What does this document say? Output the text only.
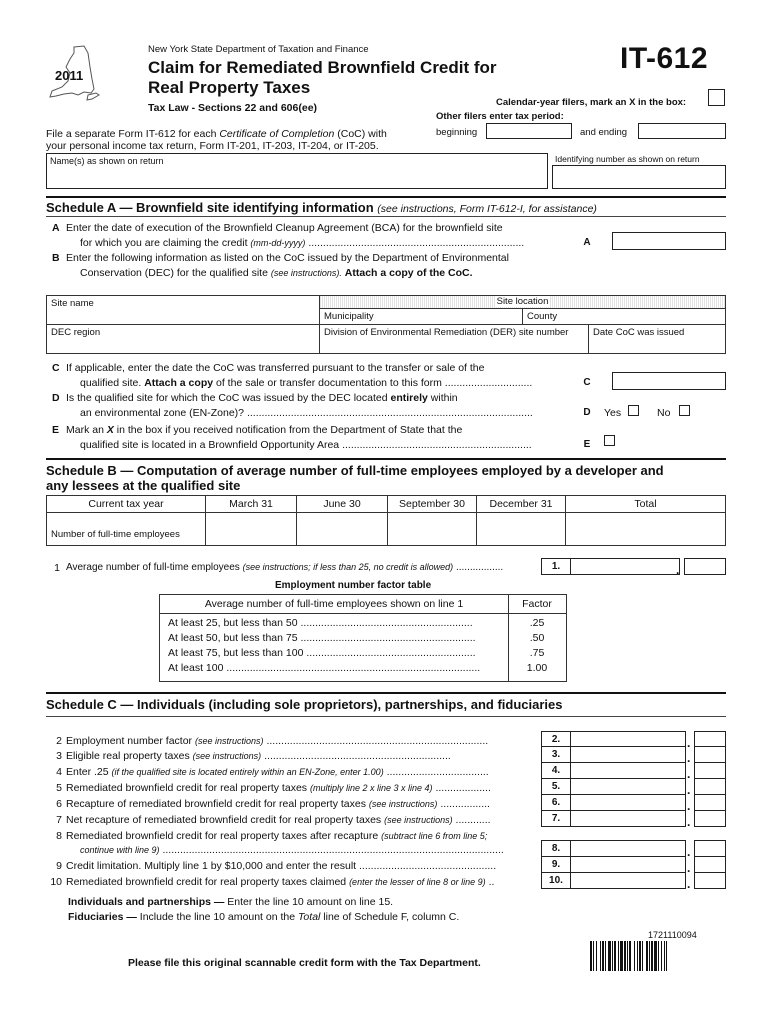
2011
New York State Department of Taxation and Finance
Claim for Remediated Brownfield Credit for
Real Property Taxes
Tax Law - Sections 22 and 606(ee)
IT-612
Calendar-year filers, mark an X in the box:
Other filers enter tax period:
beginning	and ending
File a separate Form IT-612 for each Certificate of Completion (CoC) with
your personal income tax return, Form IT-201, IT-203, IT-204, or IT-205.
Name(s) as shown on return	Identifying number as shown on return
Schedule A — Brownfield site identifying information (see instructions, Form IT-612-I, for assistance)
A Enter the date of execution of the Brownfield Cleanup Agreement (BCA) for the brownfield site
for which you are claiming the credit (mm-dd-yyyy) ..........................................................................	A
B Enter the following information as listed on the CoC issued by the Department of Environmental
Conservation (DEC) for the qualified site (see instructions). Attach a copy of the CoC.
Site name	Site location
Municipality	County
DEC region	Division of Environmental Remediation (DER) site number	Date CoC was issued
C If applicable, enter the date the CoC was transferred pursuant to the transfer or sale of the
qualified site. Attach a copy of the sale or transfer documentation to this form ..............................	C
D Is the qualified site for which the CoC was issued by the DEC located entirely within
an environmental zone (EN-Zone)? ..................................................................................................	D	Yes	No
E Mark an X in the box if you received notification from the Department of State that the
qualified site is located in a Brownfield Opportunity Area .................................................................	E
Schedule B — Computation of average number of full-time employees employed by a developer and
any lessees at the qualified site
Current tax year	March 31	June 30	September 30	December 31	Total
Number of full-time employees
1 Average number of full-time employees (see instructions; if less than 25, no credit is allowed) .................	1.	.
Employment number factor table
Average number of full-time employees shown on line 1	Factor
At least 25, but less than 50 ...........................................................	.25
At least 50, but less than 75 ............................................................	.50
At least 75, but less than 100 ..........................................................	.75
At least 100 .......................................................................................	1.00
Schedule C — Individuals (including sole proprietors), partnerships, and fiduciaries
2 Employment number factor (see instructions) ............................................................................	2.	.
3 Eligible real property taxes (see instructions) ................................................................	3.	.
4 Enter .25 (if the qualified site is located entirely within an EN-Zone, enter 1.00) ...................................	4.	.
5 Remediated brownfield credit for real property taxes (multiply line 2 x line 3 x line 4) ...................	5.	.
6 Recapture of remediated brownfield credit for real property taxes (see instructions) .................	6.	.
7 Net recapture of remediated brownfield credit for real property taxes (see instructions) ............	7.	.
8 Remediated brownfield credit for real property taxes after recapture (subtract line 6 from line 5;
continue with line 9) .....................................................................................................................	8.	.
9 Credit limitation. Multiply line 1 by $10,000 and enter the result ...............................................	9.	.
10 Remediated brownfield credit for real property taxes claimed (enter the lesser of line 8 or line 9) ..	10.	.
Individuals and partnerships — Enter the line 10 amount on line 15.
Fiduciaries — Include the line 10 amount on the Total line of Schedule F, column C.
1721110094
Please file this original scannable credit form with the Tax Department.
